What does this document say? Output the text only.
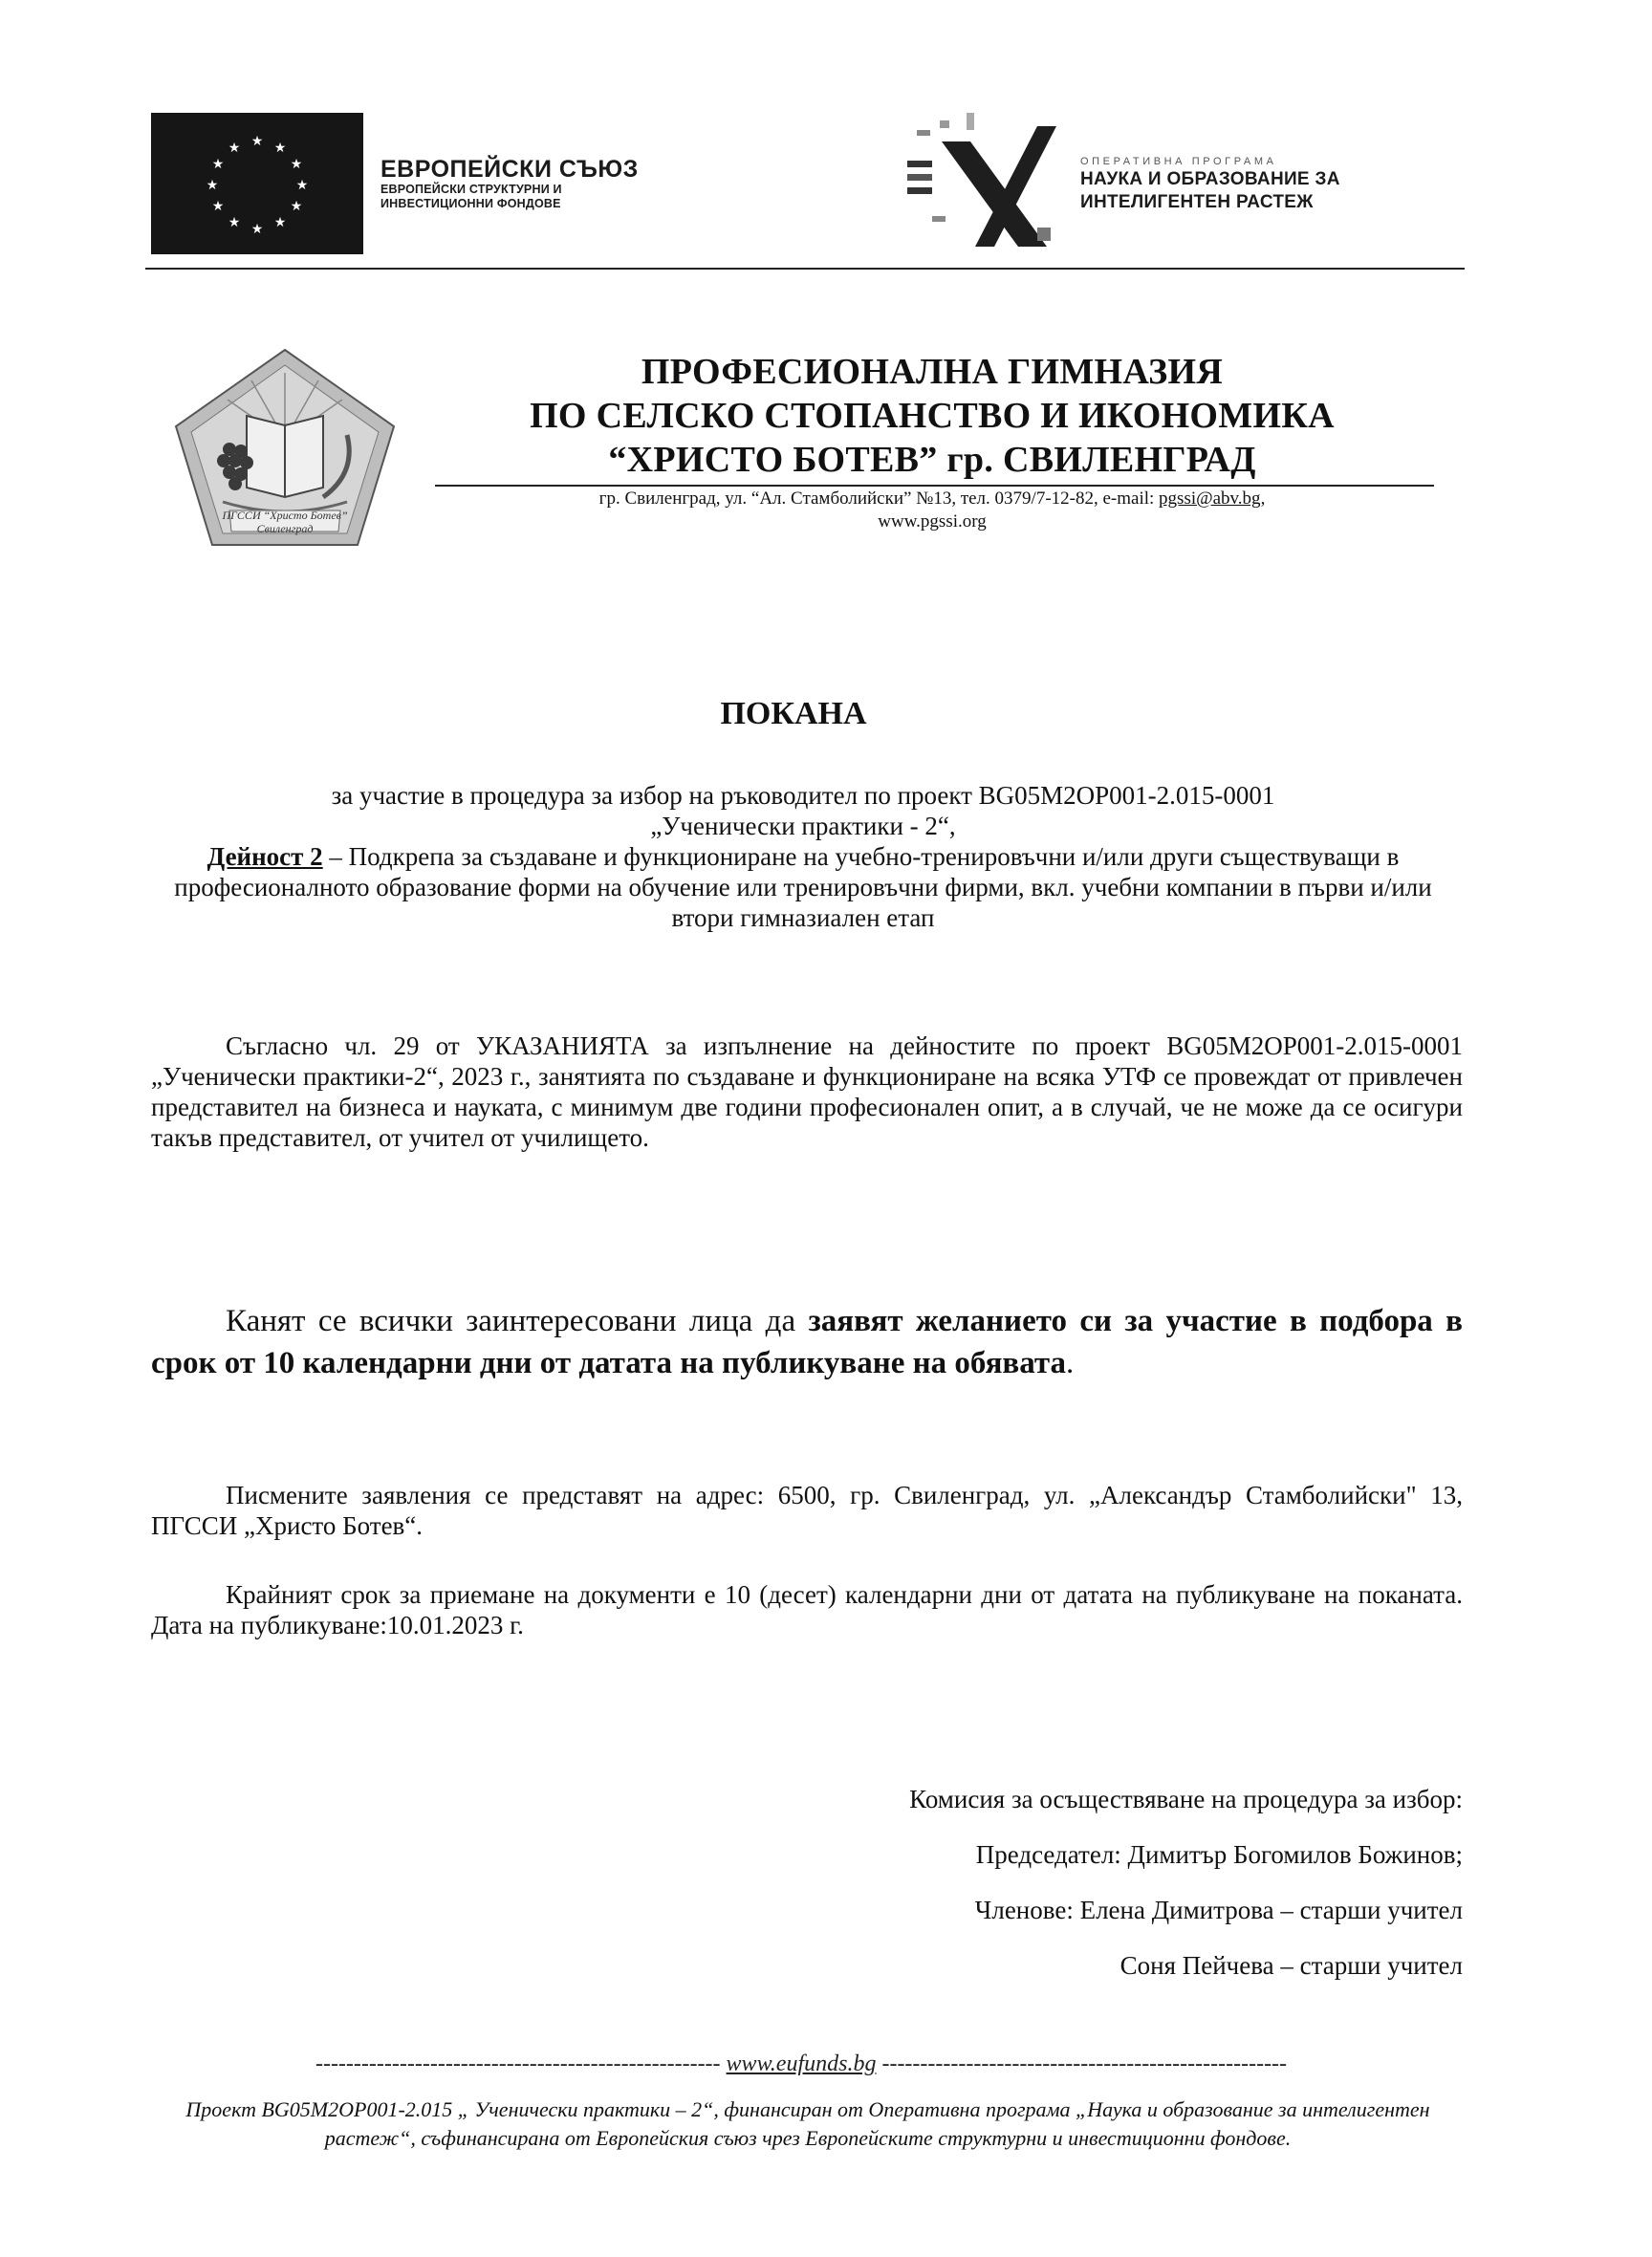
★ ★
★
★
★
★
★
★
★
★
★
★
ЕВРОПЕЙСКИ СЪЮЗ
ЕВРОПЕЙСКИ СТРУКТУРНИ И
ИНВЕСТИЦИОННИ ФОНДОВЕ
ОПЕРАТИВНА ПРОГРАМА
НАУКА И ОБРАЗОВАНИЕ ЗА
ИНТЕЛИГЕНТЕН РАСТЕЖ
ПГССИ “Христо Ботев”
Свиленград
ПРОФЕСИОНАЛНА ГИМНАЗИЯ
ПО СЕЛСКО СТОПАНСТВО И ИКОНОМИКА
“ХРИСТО БОТЕВ” гр. СВИЛЕНГРАД
гр. Свиленград, ул. “Ал. Стамболийски” №13, тел. 0379/7-12-82, e-mail: pgssi@abv.bg,
www.pgssi.org
ПОКАНА

за участие в процедура за избор на ръководител по проект BG05M2OP001-2.015-0001

„Ученически практики - 2“,

Дейност 2 – Подкрепа за създаване и функциониране на учебно-тренировъчни и/или други съществуващи в професионалното образование форми на обучение или тренировъчни фирми, вкл. учебни компании в първи и/или втори гимназиален етап

Съгласно чл. 29 от УКАЗАНИЯТА за изпълнение на дейностите по проект BG05M2OP001-2.015-0001 „Ученически практики-2“, 2023 г., занятията по създаване и функциониране на всяка УТФ се провеждат от привлечен представител на бизнеса и науката, с минимум две години професионален опит, а в случай, че не може да се осигури такъв представител, от учител от училището.

Канят се всички заинтересовани лица да заявят желанието си за участие в подбора в срок от 10 календарни дни от датата на публикуване на обявата.

Писмените заявления се представят на адрес: 6500, гр. Свиленград, ул. „Александър Стамболийски" 13, ПГССИ „Христо Ботев“.

Крайният срок за приемане на документи е 10 (десет) календарни дни от датата на публикуване на поканата. Дата на публикуване:10.01.2023 г.

Комисия за осъществяване на процедура за избор:
Председател: Димитър Богомилов Божинов;
Членове: Елена Димитрова – старши учител
Соня Пейчева – старши учител
----------------------------------------------------- www.eufunds.bg -----------------------------------------------------
Проект BG05M2OP001-2.015 „ Ученически практики – 2“, финансиран от Оперативна програма „Наука и образование за интелигентен растеж“, съфинансирана от Европейския съюз чрез Европейските структурни и инвестиционни фондове.
